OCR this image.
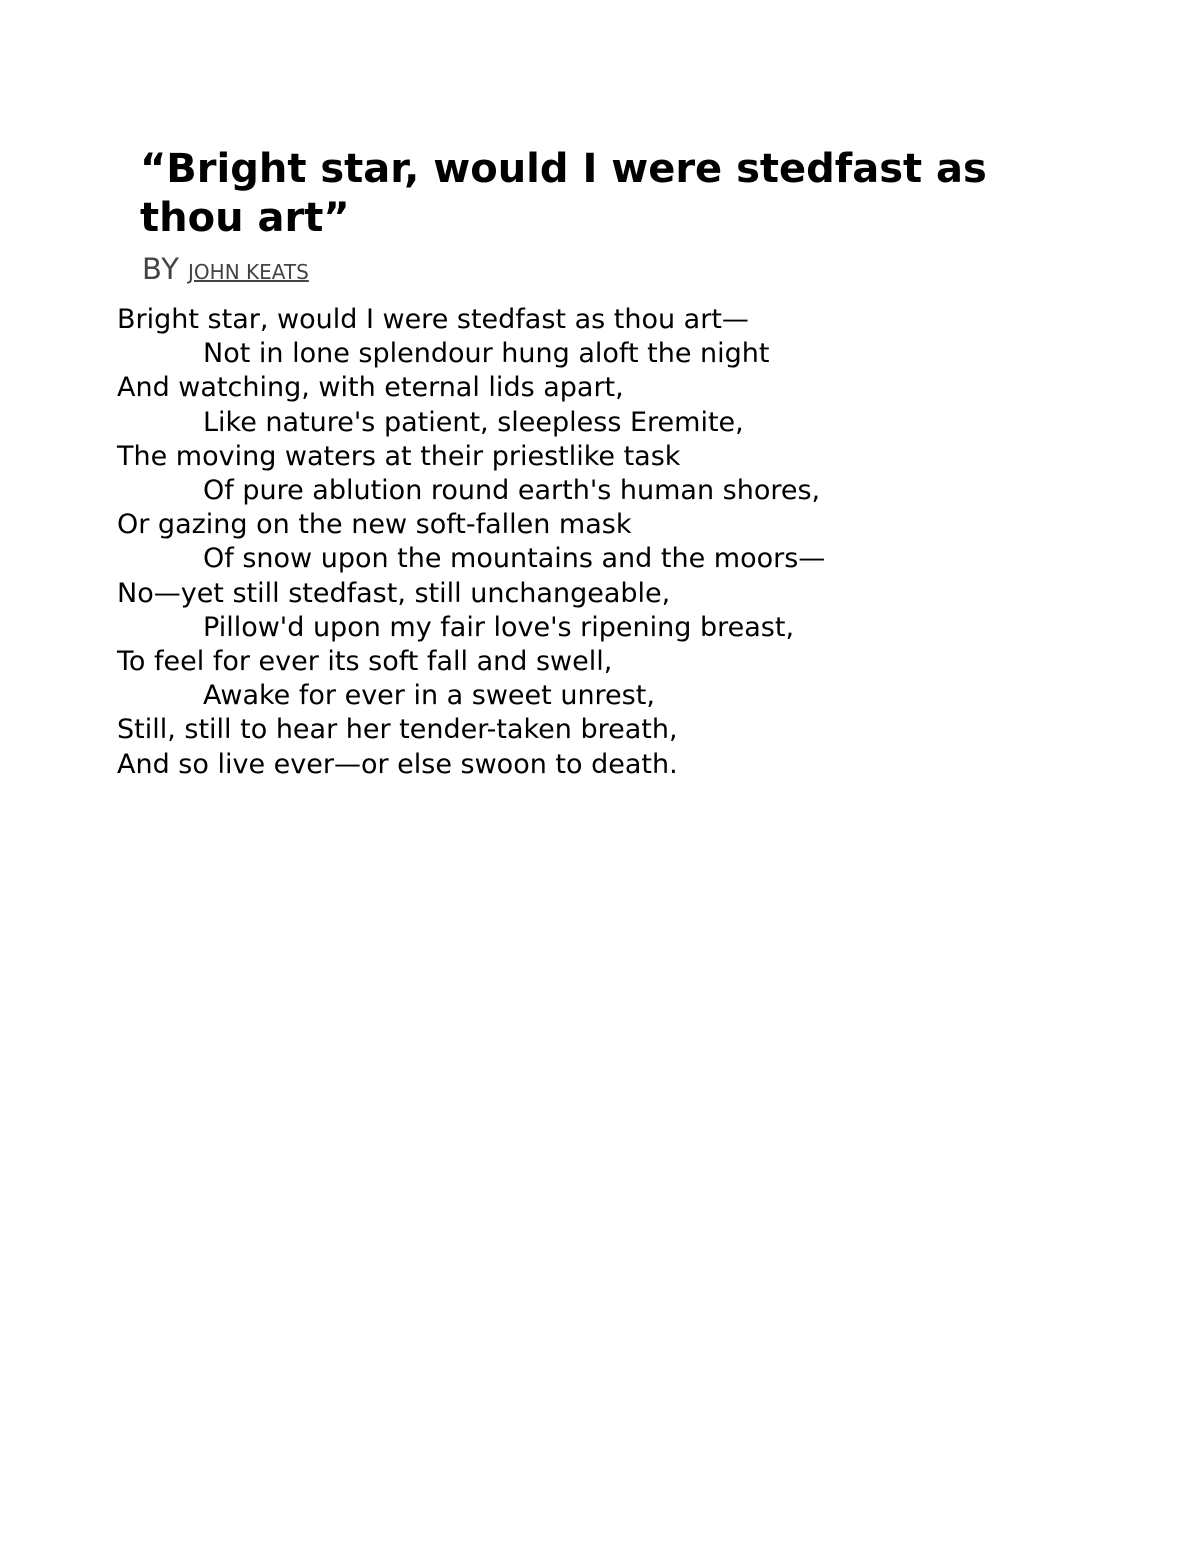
“Bright star, would I were stedfast as thou art”

BY JOHN KEATS

Bright star, would I were stedfast as thou art—
Not in lone splendour hung aloft the night
And watching, with eternal lids apart,
Like nature's patient, sleepless Eremite,
The moving waters at their priestlike task
Of pure ablution round earth's human shores,
Or gazing on the new soft-fallen mask
Of snow upon the mountains and the moors—
No—yet still stedfast, still unchangeable,
Pillow'd upon my fair love's ripening breast,
To feel for ever its soft fall and swell,
Awake for ever in a sweet unrest,
Still, still to hear her tender-taken breath,
And so live ever—or else swoon to death.
